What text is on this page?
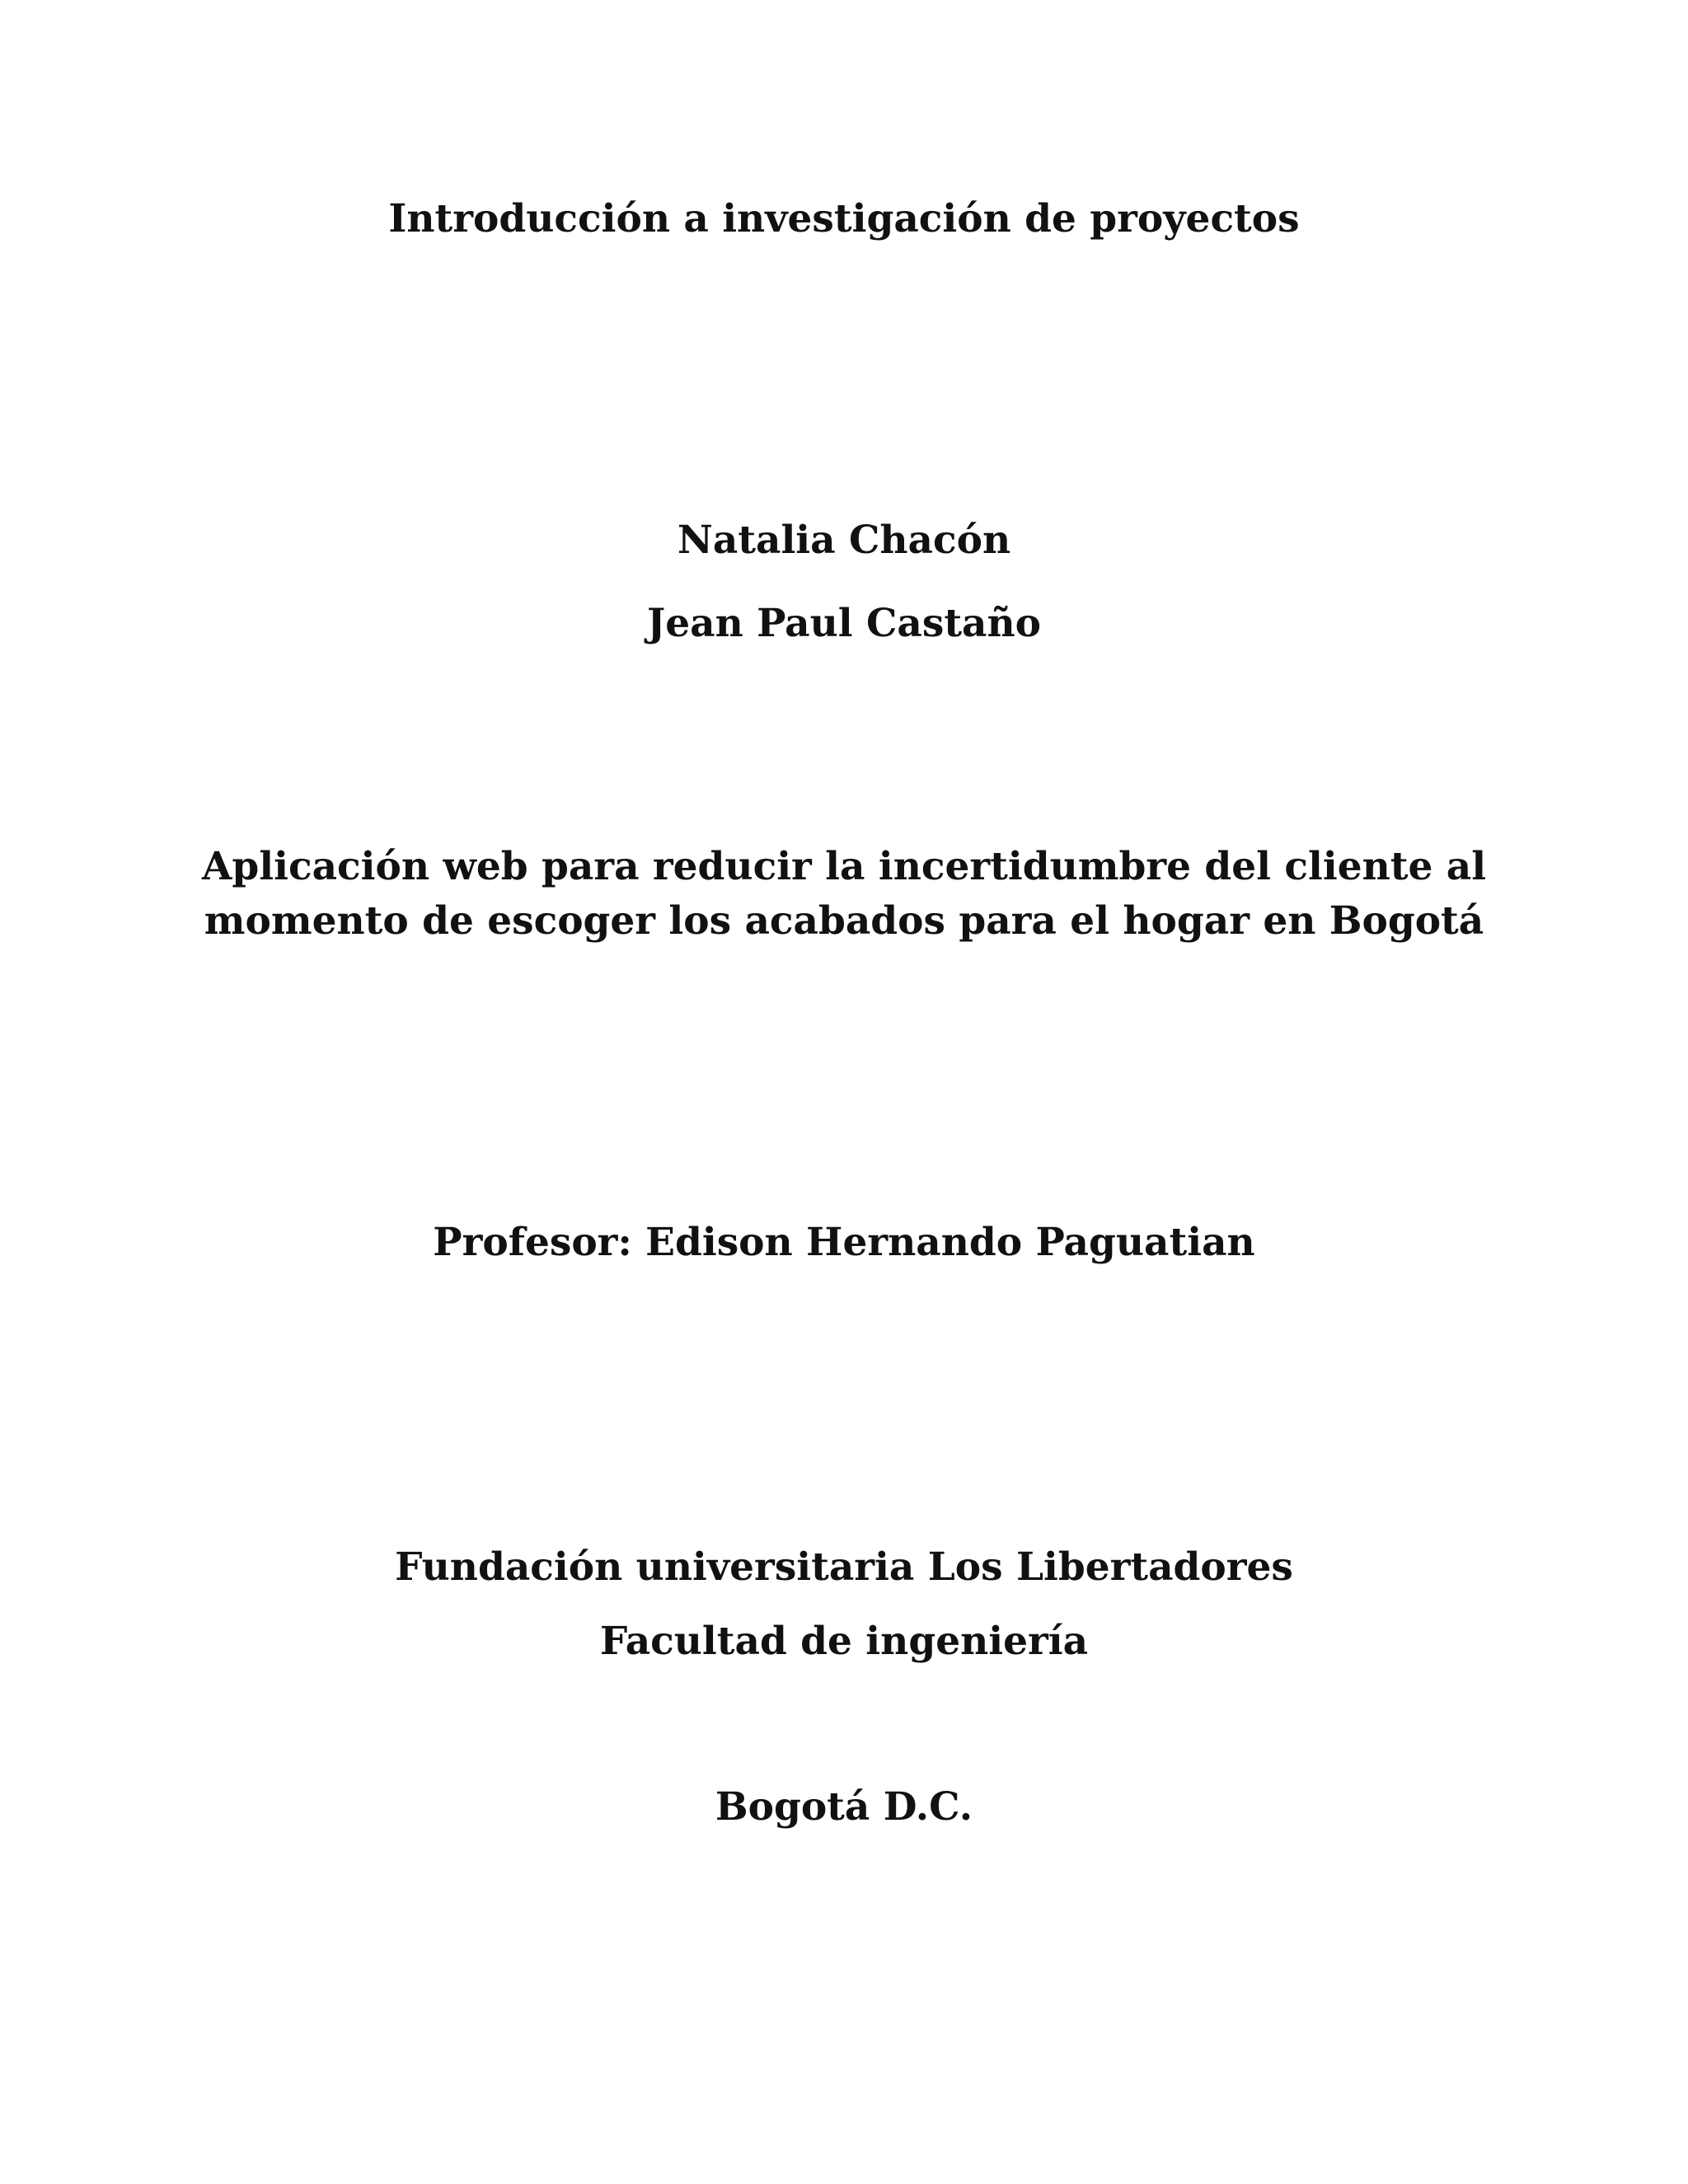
Introducción a investigación de proyectos
Natalia Chacón
Jean Paul Castaño
Aplicación web para reducir la incertidumbre del cliente al
momento de escoger los acabados para el hogar en Bogotá
Profesor: Edison Hernando Paguatian
Fundación universitaria Los Libertadores
Facultad de ingeniería
Bogotá D.C.
